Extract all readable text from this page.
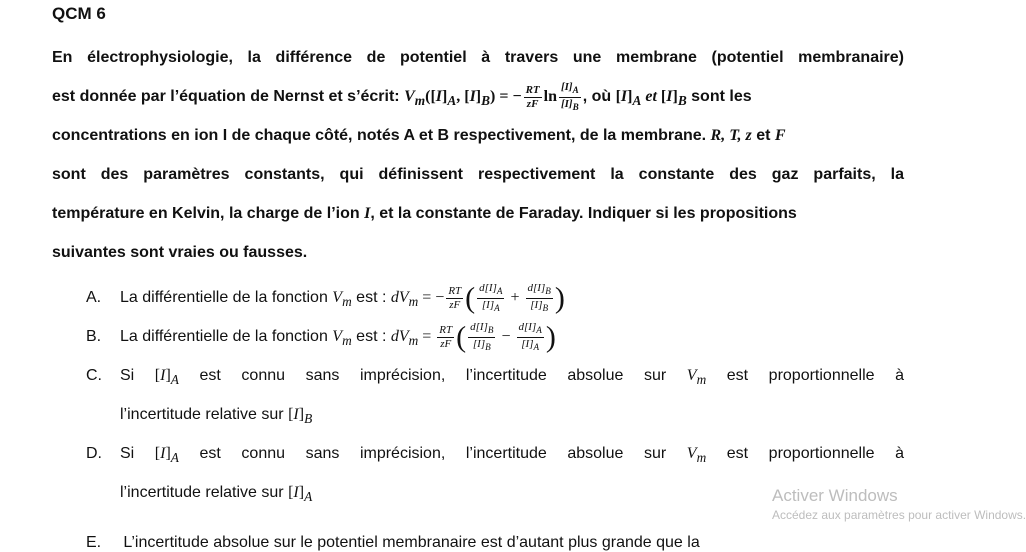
QCM 6
En électrophysiologie, la différence de potentiel à travers une membrane (potentiel membranaire)
est donnée par l’équation de Nernst et s’écrit: $V_m([I]_A$, $[I]_B$) = − $\frac{RT}{zF}$ $\ln \frac{[I]_A}{[I]_B}$ , où $[I]_A$ et $[I]_B$ sont les
concentrations en ion I de chaque côté, notés A et B respectivement, de la membrane. R, T, z et F
sont des paramètres constants, qui définissent respectivement la constante des gaz parfaits, la
température en Kelvin, la charge de l’ion I, et la constante de Faraday. Indiquer si les propositions
suivantes sont vraies ou fausses.
A. La différentielle de la fonction $V_m$ est : $dV_m$ = − $\frac{RT}{zF}$ ( $\frac{d[I]_A}{[I]_A} + \frac{d[I]_B}{[I]_B}$ )
B. La différentielle de la fonction $V_m$ est : $dV_m = \frac{RT}{zF}$ ( $\frac{d[I]_B}{[I]_B} - \frac{d[I]_A}{[I]_A}$ )
C. Si $[I]_A$ est connu sans imprécision, l’incertitude absolue sur $V_m$ est proportionnelle à
l’incertitude relative sur $[I]_B$
D. Si $[I]_A$ est connu sans imprécision, l’incertitude absolue sur $V_m$ est proportionnelle à
l’incertitude relative sur $[I]_A$
E. L’incertitude absolue sur le potentiel membranaire est d’autant plus grande que la
Activer Windows
Accédez aux paramètres pour activer Windows.
